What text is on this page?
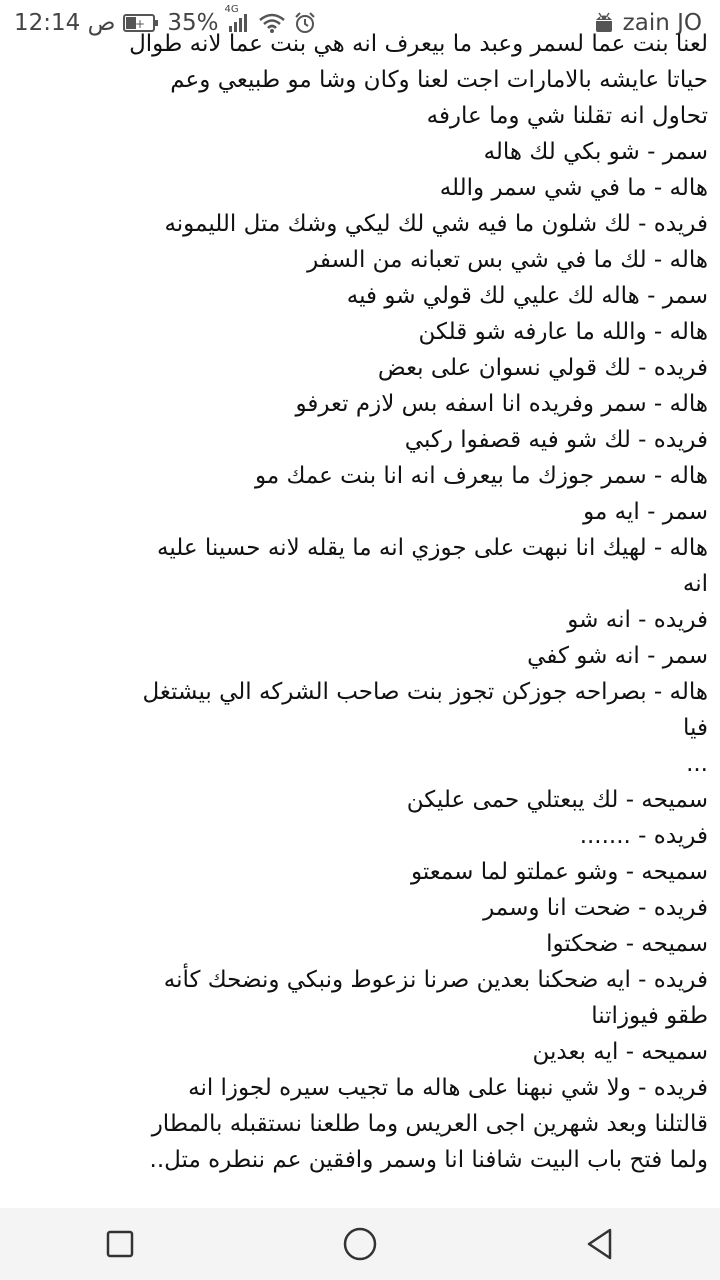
12:14 ص + 35%
4G
zain JO
لعنا بنت عما لسمر وعبد ما بيعرف انه هي بنت عما لانه طوال
حياتا عايشه بالامارات اجت لعنا وكان وشا مو طبيعي وعم
تحاول انه تقلنا شي وما عارفه
سمر - شو بكي لك هاله
هاله - ما في شي سمر والله
فريده - لك شلون ما فيه شي لك ليكي وشك متل الليمونه
هاله - لك ما في شي بس تعبانه من السفر
سمر - هاله لك عليي لك قولي شو فيه
هاله - والله ما عارفه شو قلكن
فريده - لك قولي نسوان على بعض
هاله - سمر وفريده انا اسفه بس لازم تعرفو
فريده - لك شو فيه قصفوا ركبي
هاله - سمر جوزك ما بيعرف انه انا بنت عمك مو
سمر - ايه مو
هاله - لهيك انا نبهت على جوزي انه ما يقله لانه حسينا عليه
انه
فريده - انه شو
سمر - انه شو كفي
هاله - بصراحه جوزكن تجوز بنت صاحب الشركه الي بيشتغل
فيا
...
سميحه - لك يبعتلي حمى عليكن
فريده - .......
سميحه - وشو عملتو لما سمعتو
فريده - ضحت انا وسمر
سميحه - ضحكتوا
فريده - ايه ضحكنا بعدين صرنا نزعوط ونبكي ونضحك كأنه
طقو فيوزاتنا
سميحه - ايه بعدين
فريده - ولا شي نبهنا على هاله ما تجيب سيره لجوزا انه
قالتلنا وبعد شهرين اجى العريس وما طلعنا نستقبله بالمطار
ولما فتح باب البيت شافنا انا وسمر وافقين عم ننطره متل..
